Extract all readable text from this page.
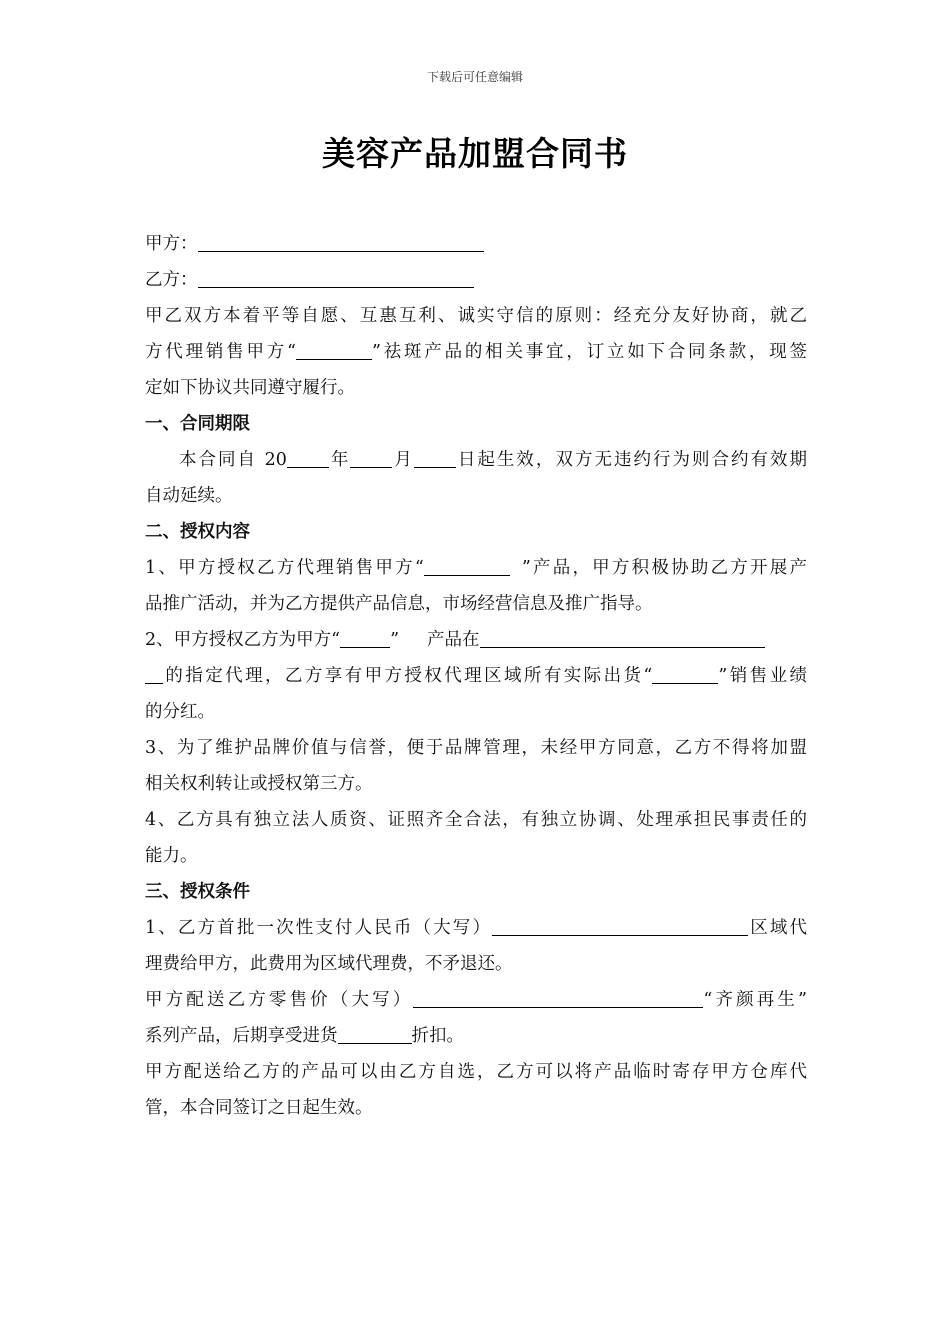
下载后可任意编辑
美容产品加盟合同书
甲方：
乙方：
甲乙双方本着平等自愿、互惠互利、诚实守信的原则：经充分友好协商，就乙
方代理销售甲方“	”祛斑产品的相关事宜，订立如下合同条款，现签
定如下协议共同遵守履行。
一、合同期限
本合同自 20 年 月 日起生效，双方无违约行为则合约有效期
自动延续。
二、授权内容
1、甲方授权乙方代理销售甲方“	”产品，甲方积极协助乙方开展产
品推广活动，并为乙方提供产品信息，市场经营信息及推广指导。
2、甲方授权乙方为甲方“	” 产品在
的指定代理，乙方享有甲方授权代理区域所有实际出货“	”销售业绩
的分红。
3、为了维护品牌价值与信誉，便于品牌管理，未经甲方同意，乙方不得将加盟
相关权利转让或授权第三方。
4、乙方具有独立法人质资、证照齐全合法，有独立协调、处理承担民事责任的
能力。
三、授权条件
1、乙方首批一次性支付人民币（大写）	区域代
理费给甲方，此费用为区域代理费，不矛退还。
甲方配送乙方零售价（大写）	“齐颜再生”
系列产品，后期享受进货	折扣。
甲方配送给乙方的产品可以由乙方自选，乙方可以将产品临时寄存甲方仓库代
管，本合同签订之日起生效。
